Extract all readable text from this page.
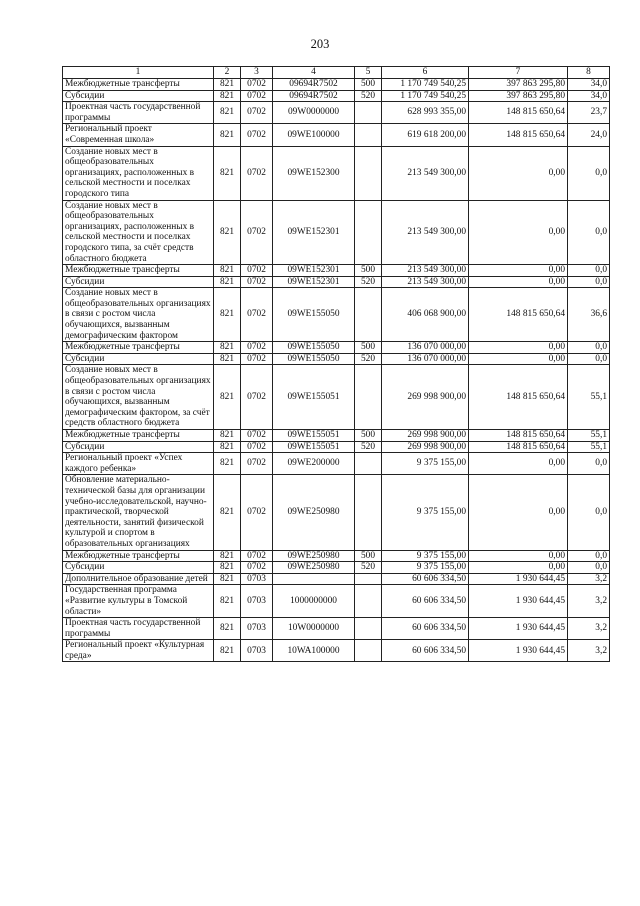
203
1	2	3	4	5	6	7	8
Межбюджетные трансферты	821	0702	09694R7502	500	1 170 749 540,25	397 863 295,80	34,0
Субсидии	821	0702	09694R7502	520	1 170 749 540,25	397 863 295,80	34,0
Проектная часть государственной программы	821	0702	09W0000000		628 993 355,00	148 815 650,64	23,7
Региональный проект «Современная школа»	821	0702	09WE100000		619 618 200,00	148 815 650,64	24,0
Создание новых мест в общеобразовательных организациях, расположенных в сельской местности и поселках городского типа	821	0702	09WE152300		213 549 300,00	0,00	0,0
Создание новых мест в общеобразовательных организациях, расположенных в сельской местности и поселках городского типа, за счёт средств областного бюджета	821	0702	09WE152301		213 549 300,00	0,00	0,0
Межбюджетные трансферты	821	0702	09WE152301	500	213 549 300,00	0,00	0,0
Субсидии	821	0702	09WE152301	520	213 549 300,00	0,00	0,0
Создание новых мест в общеобразовательных организациях в связи с ростом числа обучающихся, вызванным демографическим фактором	821	0702	09WE155050		406 068 900,00	148 815 650,64	36,6
Межбюджетные трансферты	821	0702	09WE155050	500	136 070 000,00	0,00	0,0
Субсидии	821	0702	09WE155050	520	136 070 000,00	0,00	0,0
Создание новых мест в общеобразовательных организациях в связи с ростом числа обучающихся, вызванным демографическим фактором, за счёт средств областного бюджета	821	0702	09WE155051		269 998 900,00	148 815 650,64	55,1
Межбюджетные трансферты	821	0702	09WE155051	500	269 998 900,00	148 815 650,64	55,1
Субсидии	821	0702	09WE155051	520	269 998 900,00	148 815 650,64	55,1
Региональный проект «Успех каждого ребенка»	821	0702	09WE200000		9 375 155,00	0,00	0,0
Обновление материально-технической базы для организации учебно-исследовательской, научно-практической, творческой деятельности, занятий физической культурой и спортом в образовательных организациях	821	0702	09WE250980		9 375 155,00	0,00	0,0
Межбюджетные трансферты	821	0702	09WE250980	500	9 375 155,00	0,00	0,0
Субсидии	821	0702	09WE250980	520	9 375 155,00	0,00	0,0
Дополнительное образование детей	821	0703			60 606 334,50	1 930 644,45	3,2
Государственная программа «Развитие культуры в Томской области»	821	0703	1000000000		60 606 334,50	1 930 644,45	3,2
Проектная часть государственной программы	821	0703	10W0000000		60 606 334,50	1 930 644,45	3,2
Региональный проект «Культурная среда»	821	0703	10WA100000		60 606 334,50	1 930 644,45	3,2
